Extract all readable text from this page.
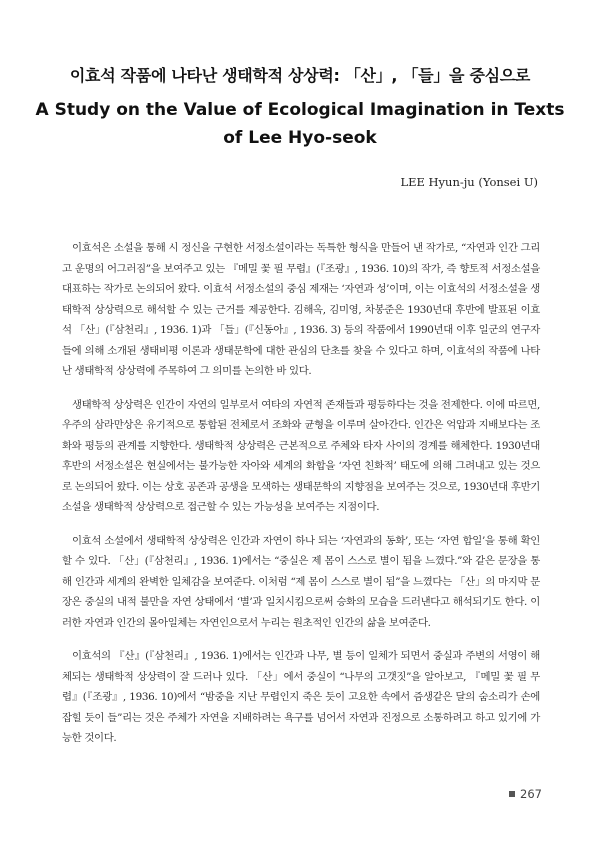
이효석 작품에 나타난 생태학적 상상력: 「산」, 「들」을 중심으로
A Study on the Value of Ecological Imagination in Texts
of Lee Hyo-seok
LEE Hyun-ju (Yonsei U)

이효석은 소설을 통해 시 정신을 구현한 서정소설이라는 독특한 형식을 만들어 낸 작가로, “자연과 인간 그리고 운명의 어그러짐”을 보여주고 있는 『메밀 꽃 필 무렵』(『조광』, 1936. 10)의 작가, 즉 향토적 서정소설을 대표하는 작가로 논의되어 왔다. 이효석 서정소설의 중심 제재는 ‘자연과 성’이며, 이는 이효석의 서정소설을 생태학적 상상력으로 해석할 수 있는 근거를 제공한다. 김해옥, 김미영, 차봉준은 1930년대 후반에 발표된 이효석 「산」(『삼천리』, 1936. 1)과 「들」(『신동아』, 1936. 3) 등의 작품에서 1990년대 이후 일군의 연구자들에 의해 소개된 생태비평 이론과 생태문학에 대한 관심의 단초를 찾을 수 있다고 하며, 이효석의 작품에 나타난 생태학적 상상력에 주목하여 그 의미를 논의한 바 있다.

생태학적 상상력은 인간이 자연의 일부로서 여타의 자연적 존재들과 평등하다는 것을 전제한다. 이에 따르면, 우주의 삼라만상은 유기적으로 통합된 전체로서 조화와 균형을 이루며 살아간다. 인간은 억압과 지배보다는 조화와 평등의 관계를 지향한다. 생태학적 상상력은 근본적으로 주체와 타자 사이의 경계를 해체한다. 1930년대 후반의 서정소설은 현실에서는 불가능한 자아와 세계의 화합을 ‘자연 친화적’ 태도에 의해 그려내고 있는 것으로 논의되어 왔다. 이는 상호 공존과 공생을 모색하는 생태문학의 지향점을 보여주는 것으로, 1930년대 후반기 소설을 생태학적 상상력으로 접근할 수 있는 가능성을 보여주는 지점이다.

이효석 소설에서 생태학적 상상력은 인간과 자연이 하나 되는 ‘자연과의 동화’, 또는 ‘자연 합일’을 통해 확인할 수 있다. 「산」(『삼천리』, 1936. 1)에서는 “중실은 제 몸이 스스로 별이 됨을 느꼈다.”와 같은 문장을 통해 인간과 세계의 완벽한 일체감을 보여준다. 이처럼 “제 몸이 스스로 별이 됨”을 느꼈다는 「산」의 마지막 문장은 중실의 내적 불만을 자연 상태에서 ‘별’과 일치시킴으로써 승화의 모습을 드러낸다고 해석되기도 한다. 이러한 자연과 인간의 몰아일체는 자연인으로서 누리는 원초적인 인간의 삶을 보여준다.

이효석의 『산』(『삼천리』, 1936. 1)에서는 인간과 나무, 별 등이 일체가 되면서 중실과 주변의 서영이 해체되는 생태학적 상상력이 잘 드러나 있다. 「산」에서 중실이 “나무의 고갯짓”을 알아보고, 『메밀 꽃 필 무렵』(『조광』, 1936. 10)에서 “밤중을 지난 무렵인지 죽은 듯이 고요한 속에서 즘생같은 달의 숨소리가 손에 잡힐 듯이 들”리는 것은 주체가 자연을 지배하려는 욕구를 넘어서 자연과 진정으로 소통하려고 하고 있기에 가능한 것이다.

267
